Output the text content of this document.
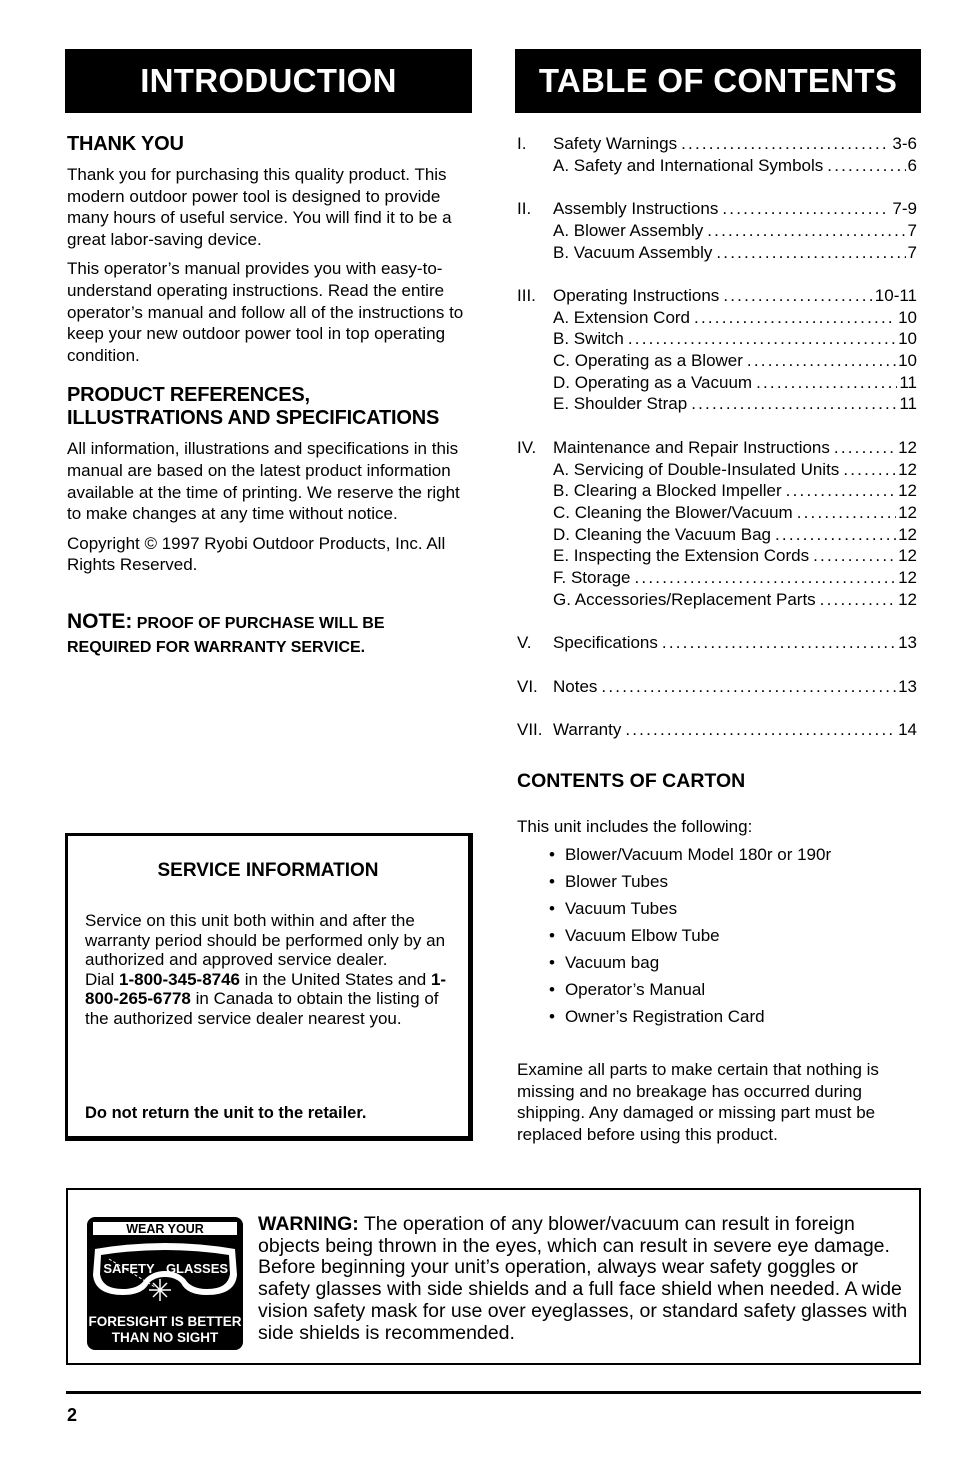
INTRODUCTION	TABLE OF CONTENTS
THANK YOU

Thank you for purchasing this quality product. This modern outdoor power tool is designed to provide many hours of useful service. You will find it to be a great labor-saving device.

This operator’s manual provides you with easy-to-understand operating instructions. Read the entire operator’s manual and follow all of the instructions to keep your new outdoor power tool in top operating condition.

PRODUCT REFERENCES, ILLUSTRATIONS AND SPECIFICATIONS

All information, illustrations and specifications in this manual are based on the latest product information available at the time of printing. We reserve the right to make changes at any time without notice.

Copyright © 1997 Ryobi Outdoor Products, Inc. All Rights Reserved.

NOTE: PROOF OF PURCHASE WILL BE REQUIRED FOR WARRANTY SERVICE.
SERVICE INFORMATION
Service on this unit both within and after the warranty period should be performed only by an authorized and approved service dealer.
Dial 1-800-345-8746 in the United States and 1-800-265-6778 in Canada to obtain the listing of the authorized service dealer nearest you.
Do not return the unit to the retailer.
I.	Safety Warnings .....	3-6
A. Safety and International Symbols .....	6
II.	Assembly Instructions .....	7-9
A. Blower Assembly .....	7
B. Vacuum Assembly .....	7
III.	Operating Instructions .....	10-11
A. Extension Cord .....	10
B. Switch .....	10
C. Operating as a Blower .....	10
D. Operating as a Vacuum .....	11
E. Shoulder Strap .....	11
IV. Maintenance and Repair Instructions .....	12
A. Servicing of Double-Insulated Units .....	12
B. Clearing a Blocked Impeller .....	12
C. Cleaning the Blower/Vacuum .....	12
D. Cleaning the Vacuum Bag .....	12
E. Inspecting the Extension Cords .....	12
F. Storage .....	12
G. Accessories/Replacement Parts .....	12
V.	Specifications .....	13
VI. Notes .....	13
VII. Warranty .....	14
CONTENTS OF CARTON
This unit includes the following:
• Blower/Vacuum Model 180r or 190r
• Blower Tubes
• Vacuum Tubes
• Vacuum Elbow Tube
• Vacuum bag
• Operator’s Manual
• Owner’s Registration Card
Examine all parts to make certain that nothing is missing and no breakage has occurred during shipping. Any damaged or missing part must be replaced before using this product.
WEAR YOUR
SAFETY GLASSES
FORESIGHT IS BETTER
THAN NO SIGHT
WARNING: The operation of any blower/vacuum can result in foreign objects being thrown in the eyes, which can result in severe eye damage. Before beginning your unit’s operation, always wear safety goggles or safety glasses with side shields and a full face shield when needed. A wide vision safety mask for use over eyeglasses, or standard safety glasses with side shields is recommended.
2
